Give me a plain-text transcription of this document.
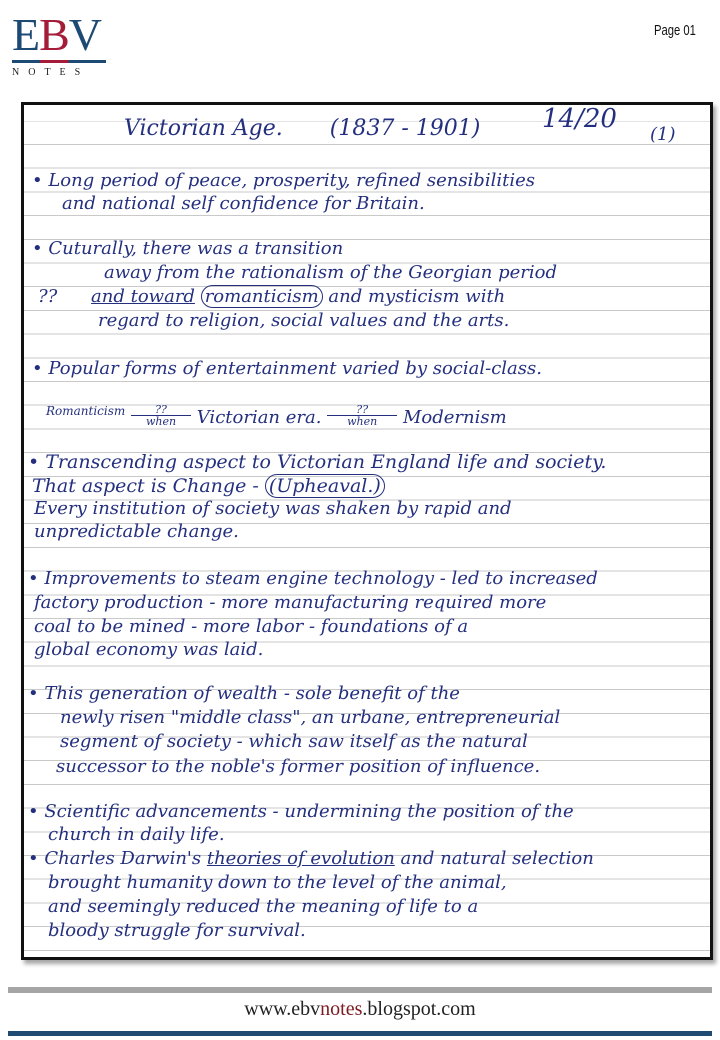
EBV
NOTES
Page 01
Victorian Age. (1837 - 1901) 14/20
(1)
• Long period of peace, prosperity, refined sensibilities
and national self confidence for Britain.
• Cuturally, there was a transition
away from the rationalism of the Georgian period
?? and toward romanticism and mysticism with
regard to religion, social values and the arts.
• Popular forms of entertainment varied by social-class.
$^{Romanticism}$	??

when	Victorian era.	??

when	Modernism
• Transcending aspect to Victorian England life and society.
That aspect is Change - (Upheaval.)
Every institution of society was shaken by rapid and
unpredictable change.
• Improvements to steam engine technology - led to increased
factory production - more manufacturing required more
coal to be mined - more labor - foundations of a
global economy was laid.
• This generation of wealth - sole benefit of the
newly risen "middle class", an urbane, entrepreneurial
segment of society - which saw itself as the natural
successor to the noble's former position of influence.
• Scientific advancements - undermining the position of the
church in daily life.
• Charles Darwin's theories of evolution and natural selection
brought humanity down to the level of the animal,
and seemingly reduced the meaning of life to a
bloody struggle for survival.
www.ebvnotes.blogspot.com
